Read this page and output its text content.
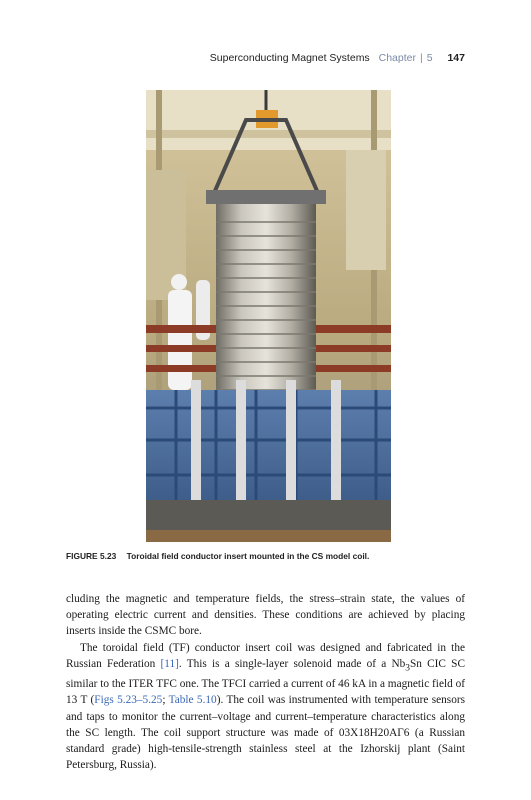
Superconducting Magnet Systems Chapter | 5 147
FIGURE 5.23 Toroidal field conductor insert mounted in the CS model coil.

cluding the magnetic and temperature fields, the stress–strain state, the values of operating electric current and densities. These conditions are achieved by placing inserts inside the CSMC bore.

The toroidal field (TF) conductor insert coil was designed and fabricated in the Russian Federation [11]. This is a single-layer solenoid made of a $Nb_3Sn$ CIC SC similar to the ITER TFC one. The TFCI carried a current of 46 kA in a magnetic field of 13 T (Figs 5.23–5.25; Table 5.10). The coil was instrumented with temperature sensors and taps to monitor the current–voltage and current–temperature characteristics along the SC length. The coil support structure was made of 03X18H20AГ6 (a Russian standard grade) high-tensile-strength stainless steel at the Izhorskij plant (Saint Petersburg, Russia).
